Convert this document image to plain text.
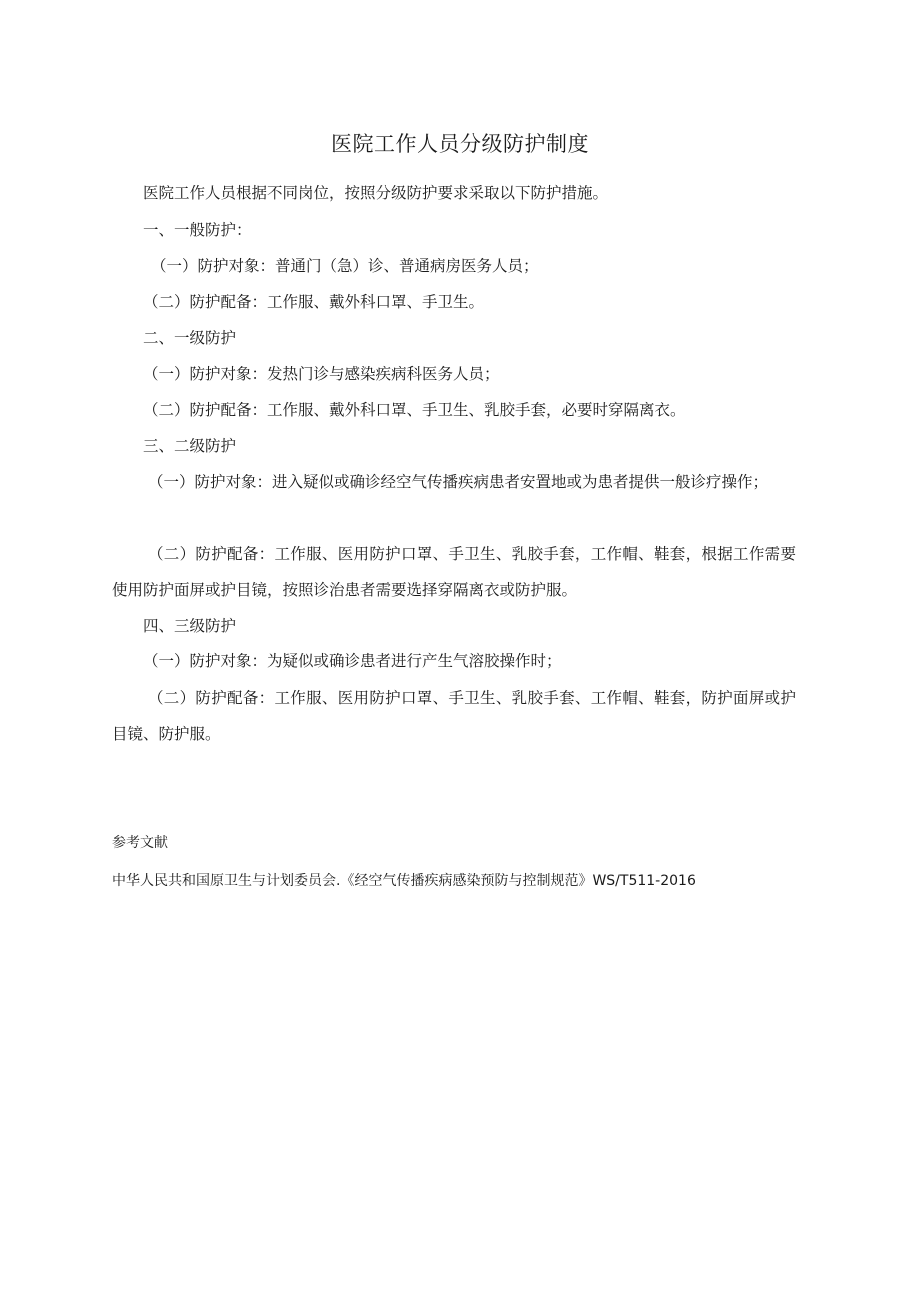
医院工作人员分级防护制度
医院工作人员根据不同岗位，按照分级防护要求采取以下防护措施。
一、一般防护：
（一）防护对象：普通门（急）诊、普通病房医务人员；
（二）防护配备：工作服、戴外科口罩、手卫生。
二、一级防护
（一）防护对象：发热门诊与感染疾病科医务人员；
（二）防护配备：工作服、戴外科口罩、手卫生、乳胶手套，必要时穿隔离衣。
三、二级防护
（一）防护对象：进入疑似或确诊经空气传播疾病患者安置地或为患者提供一般诊疗操作；
（二）防护配备：工作服、医用防护口罩、手卫生、乳胶手套，工作帽、鞋套，根据工作需要使用防护面屏或护目镜，按照诊治患者需要选择穿隔离衣或防护服。
四、三级防护
（一）防护对象：为疑似或确诊患者进行产生气溶胶操作时；
（二）防护配备：工作服、医用防护口罩、手卫生、乳胶手套、工作帽、鞋套，防护面屏或护目镜、防护服。
参考文献
中华人民共和国原卫生与计划委员会.《经空气传播疾病感染预防与控制规范》WS/T511-2016
